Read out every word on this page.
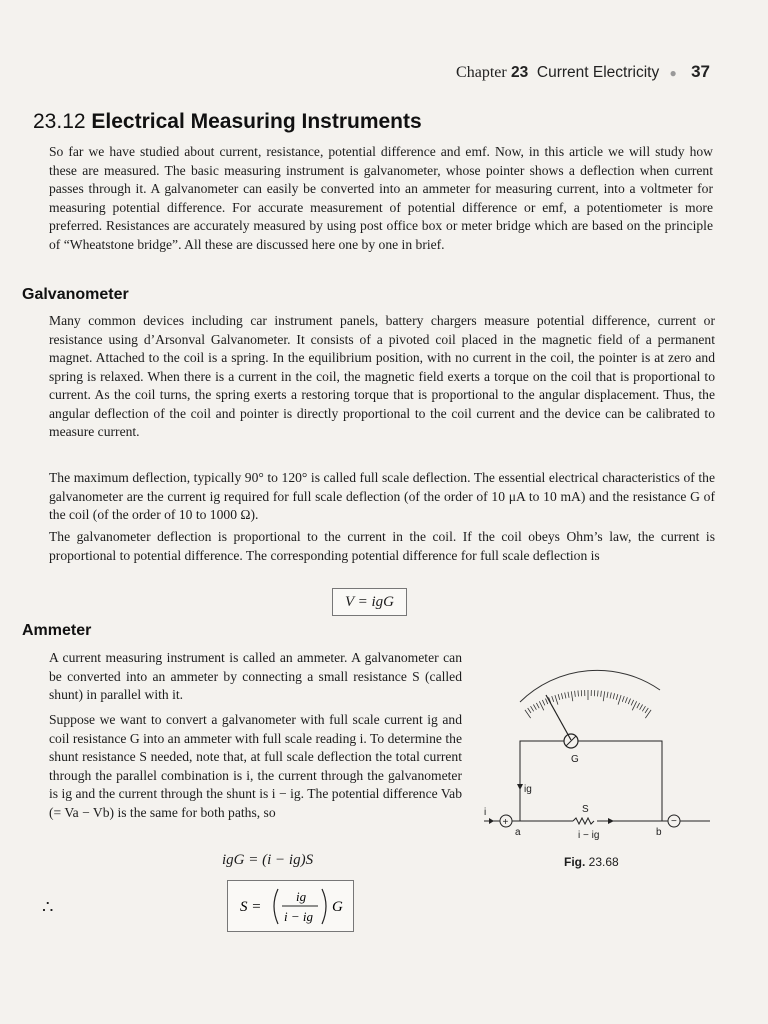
Chapter 23 Current Electricity ● 37
23.12 Electrical Measuring Instruments

So far we have studied about current, resistance, potential difference and emf. Now, in this article we will study how these are measured. The basic measuring instrument is galvanometer, whose pointer shows a deflection when current passes through it. A galvanometer can easily be converted into an ammeter for measuring current, into a voltmeter for measuring potential difference. For accurate measurement of potential difference or emf, a potentiometer is more preferred. Resistances are accurately measured by using post office box or meter bridge which are based on the principle of “Wheatstone bridge”. All these are discussed here one by one in brief.

Galvanometer

Many common devices including car instrument panels, battery chargers measure potential difference, current or resistance using d’Arsonval Galvanometer. It consists of a pivoted coil placed in the magnetic field of a permanent magnet. Attached to the coil is a spring. In the equilibrium position, with no current in the coil, the pointer is at zero and spring is relaxed. When there is a current in the coil, the magnetic field exerts a torque on the coil that is proportional to current. As the coil turns, the spring exerts a restoring torque that is proportional to the angular displacement. Thus, the angular deflection of the coil and pointer is directly proportional to the coil current and the device can be calibrated to measure current.

The maximum deflection, typically 90° to 120° is called full scale deflection. The essential electrical characteristics of the galvanometer are the current ig required for full scale deflection (of the order of 10 μA to 10 mA) and the resistance G of the coil (of the order of 10 to 1000 Ω).

The galvanometer deflection is proportional to the current in the coil. If the coil obeys Ohm’s law, the current is proportional to potential difference. The corresponding potential difference for full scale deflection is

V = igG
Ammeter

A current measuring instrument is called an ammeter. A galvanometer can be converted into an ammeter by connecting a small resistance S (called shunt) in parallel with it.

Suppose we want to convert a galvanometer with full scale current ig and coil resistance G into an ammeter with full scale reading i. To determine the shunt resistance S needed, note that, at full scale deflection the total current through the parallel combination is i, the current through the galvanometer is ig and the current through the shunt is i − ig. The potential difference Vab (= Va − Vb) is the same for both paths, so

igG = (i − ig)S
∴	S =
ig
i − ig
G
G
ig
S
i − ig
i
+
a	b
−
Fig. 23.68
